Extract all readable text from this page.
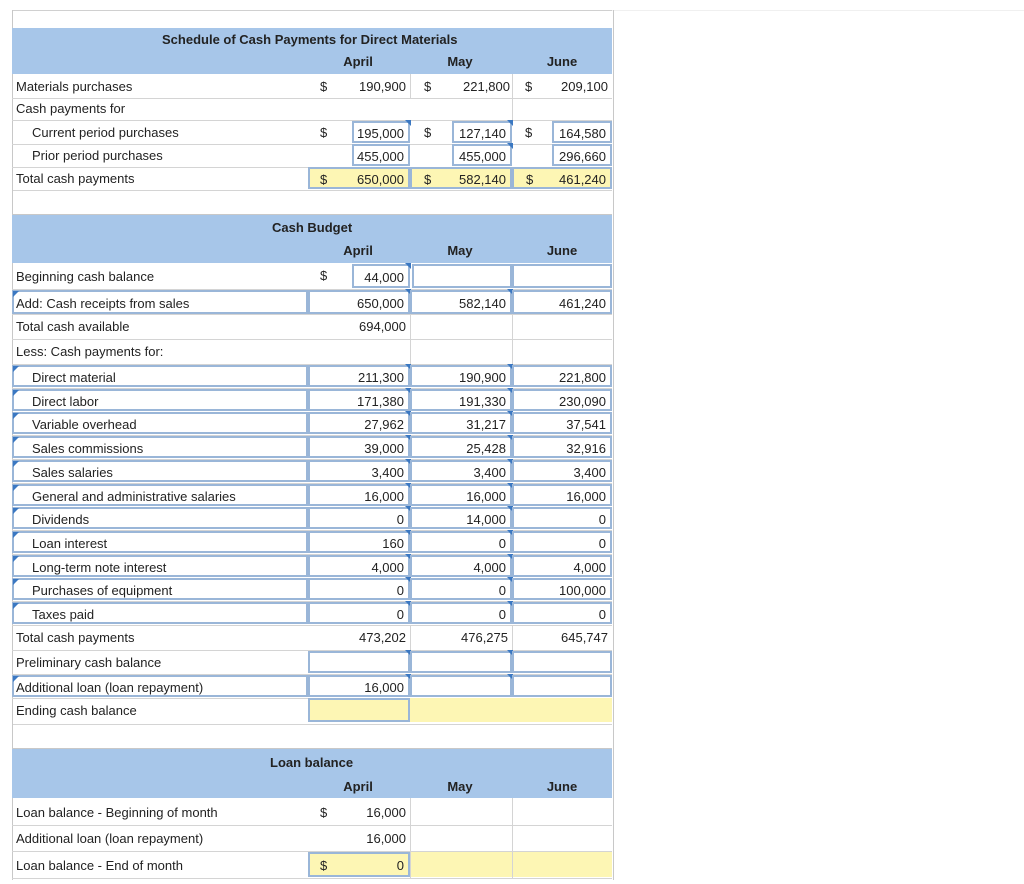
Schedule of Cash Payments for Direct Materials
April	May	June
Materials purchases	$ 190,900 $ 221,800 $ 209,100
Cash payments for
Current period purchases	$ 195,000 $ 127,140 $ 164,580
Prior period purchases	455,000	455,000	296,660
Total cash payments	$ 650,000 $ 582,140 $ 461,240
Cash Budget
April	May	June
Beginning cash balance	$	44,000
Add: Cash receipts from sales	650,000	582,140	461,240
Total cash available	694,000
Less: Cash payments for:
Direct material	211,300	190,900	221,800
Direct labor	171,380	191,330	230,090
Variable overhead	27,962	31,217	37,541
Sales commissions	39,000	25,428	32,916
Sales salaries	3,400	3,400	3,400
General and administrative salaries	16,000	16,000	16,000
Dividends	0	14,000	0
Loan interest	160	0	0
Long-term note interest	4,000	4,000	4,000
Purchases of equipment	0	0	100,000
Taxes paid	0	0	0
Total cash payments	473,202	476,275	645,747
Preliminary cash balance
Additional loan (loan repayment)	16,000
Ending cash balance
Loan balance
April	May	June
Loan balance - Beginning of month	$	16,000
Additional loan (loan repayment)	16,000
Loan balance - End of month	$	0
